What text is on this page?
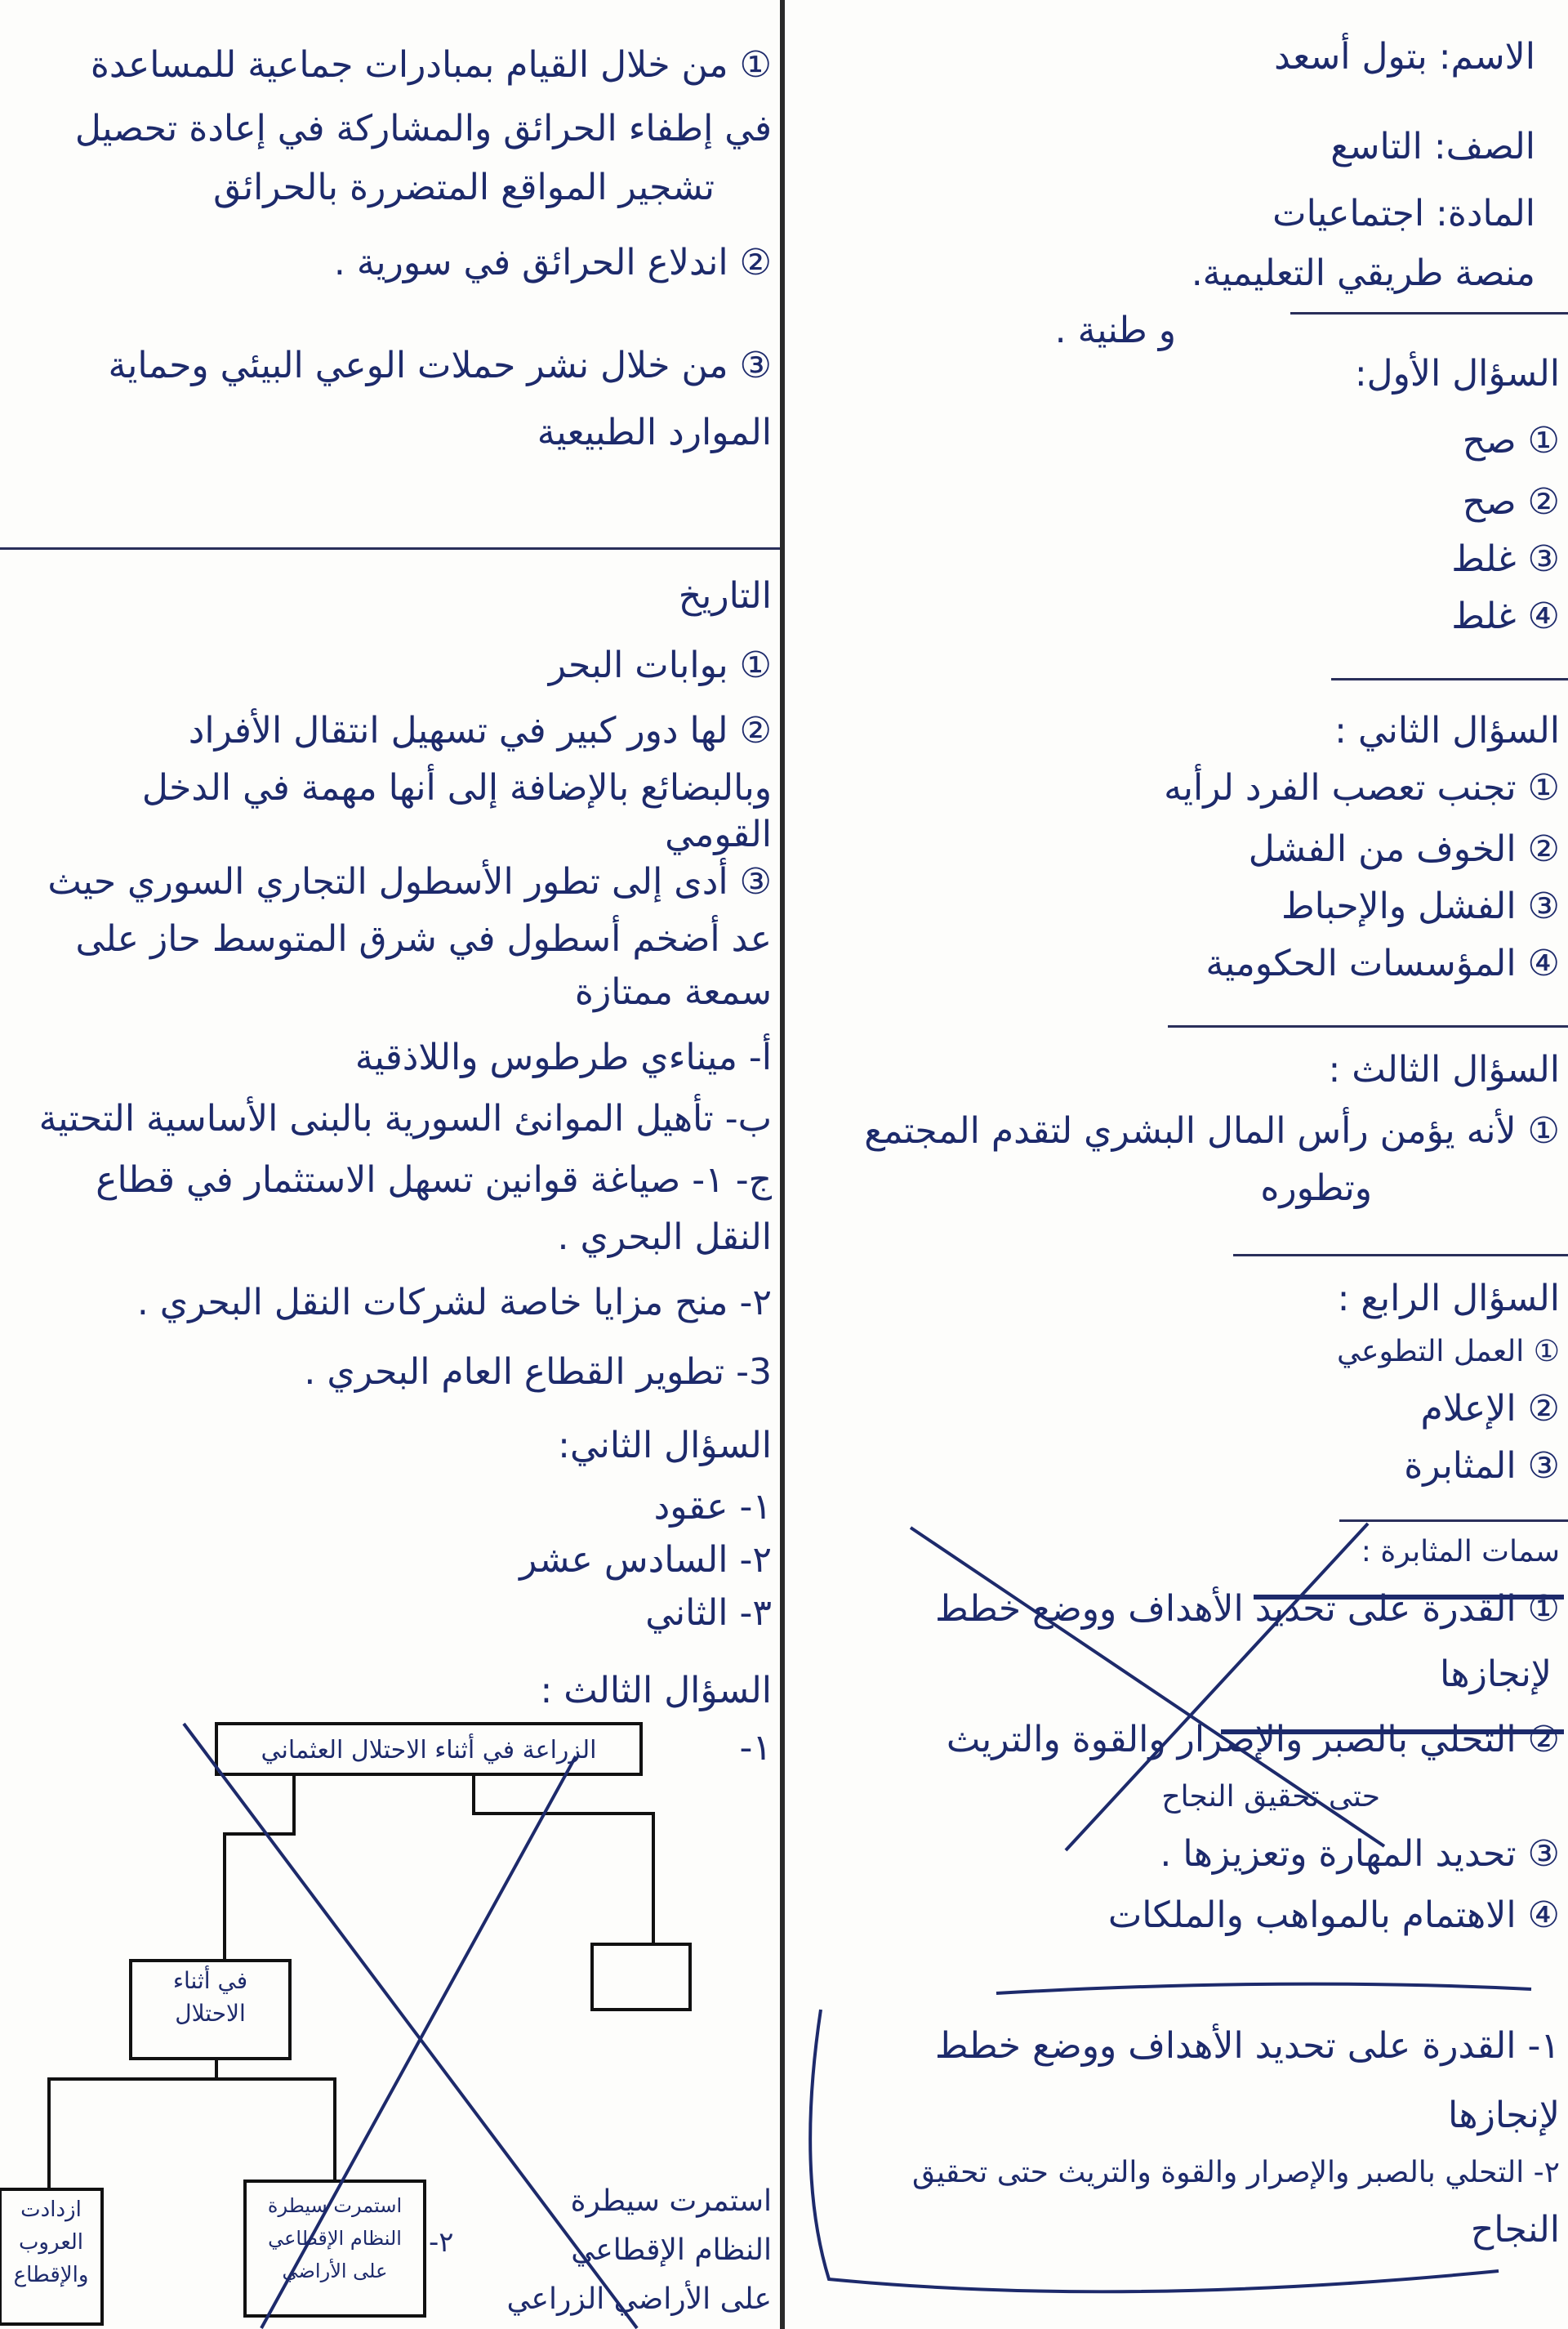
الاسم: بتول أسعد
الصف: التاسع
المادة: اجتماعيات
منصة طريقي التعليمية.
و طنية .
السؤال الأول:
① صح
② صح
③ غلط
④ غلط
السؤال الثاني :
① تجنب تعصب الفرد لرأيه
② الخوف من الفشل
③ الفشل والإحباط
④ المؤسسات الحكومية
السؤال الثالث :
① لأنه يؤمن رأس المال البشري لتقدم المجتمع
وتطوره
السؤال الرابع :
① العمل التطوعي
② الإعلام
③ المثابرة
سمات المثابرة :
① القدرة على تحديد الأهداف ووضع خطط
لإنجازها
② التحلي بالصبر والإصرار والقوة والتريث
حتى تحقيق النجاح
③ تحديد المهارة وتعزيزها .
④ الاهتمام بالمواهب والملكات
١- القدرة على تحديد الأهداف ووضع خطط
لإنجازها
٢- التحلي بالصبر والإصرار والقوة والتريث حتى تحقيق
النجاح
① من خلال القيام بمبادرات جماعية للمساعدة
في إطفاء الحرائق والمشاركة في إعادة تحصيل
تشجير المواقع المتضررة بالحرائق
② اندلاع الحرائق في سورية .
③ من خلال نشر حملات الوعي البيئي وحماية
الموارد الطبيعية
التاريخ
① بوابات البحر
② لها دور كبير في تسهيل انتقال الأفراد
وبالبضائع بالإضافة إلى أنها مهمة في الدخل
القومي
③ أدى إلى تطور الأسطول التجاري السوري حيث
عد أضخم أسطول في شرق المتوسط حاز على
سمعة ممتازة
أ- ميناءي طرطوس واللاذقية
ب- تأهيل الموانئ السورية بالبنى الأساسية التحتية
ج- ١- صياغة قوانين تسهل الاستثمار في قطاع
النقل البحري .
٢- منح مزايا خاصة لشركات النقل البحري .
3- تطوير القطاع العام البحري .
السؤال الثاني:
١- عقود
٢- السادس عشر
٣- الثاني
السؤال الثالث :
١-
الزراعة في أثناء الاحتلال العثماني
في أثناء
الاحتلال
ازدادت
العروب
والإقطاع
استمرت سيطرة
النظام الإقطاعي
على الأراضي
٢-
استمرت سيطرة
النظام الإقطاعي
على الأراضي الزراعي
